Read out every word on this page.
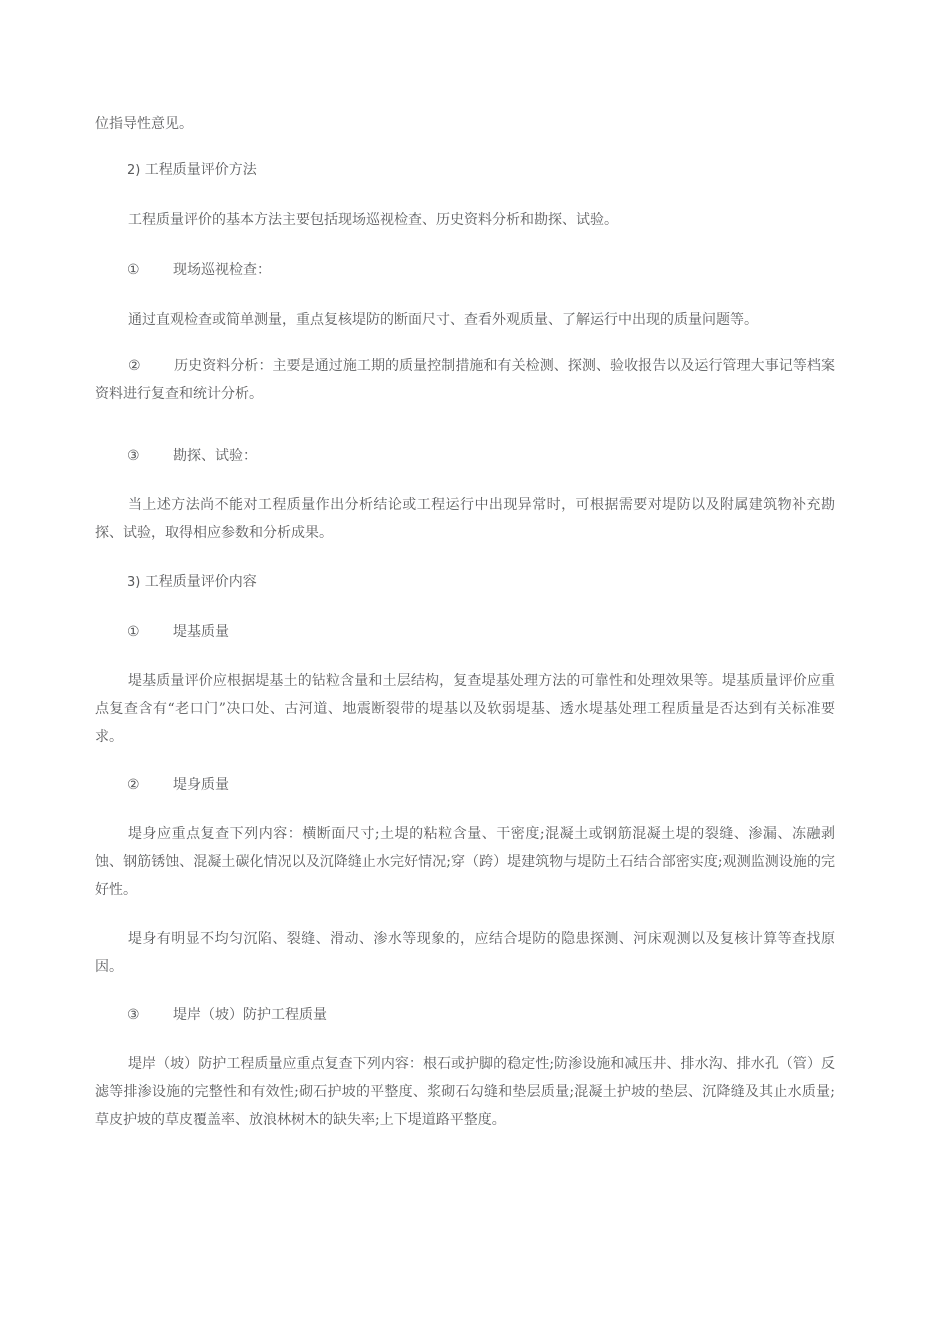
位指导性意见。

2) 工程质量评价方法

工程质量评价的基本方法主要包括现场巡视检查、历史资料分析和勘探、试验。

① 现场巡视检查：

通过直观检查或简单测量，重点复核堤防的断面尺寸、查看外观质量、了解运行中出现的质量问题等。

② 历史资料分析：主要是通过施工期的质量控制措施和有关检测、探测、验收报告以及运行管理大事记等档案资料进行复查和统计分析。

③ 勘探、试验：

当上述方法尚不能对工程质量作出分析结论或工程运行中出现异常时，可根据需要对堤防以及附属建筑物补充勘探、试验，取得相应参数和分析成果。

3) 工程质量评价内容

① 堤基质量

堤基质量评价应根据堤基土的钻粒含量和土层结构，复查堤基处理方法的可靠性和处理效果等。堤基质量评价应重点复查含有“老口门”决口处、古河道、地震断裂带的堤基以及软弱堤基、透水堤基处理工程质量是否达到有关标准要求。

② 堤身质量

堤身应重点复查下列内容：横断面尺寸;土堤的粘粒含量、干密度;混凝土或钢筋混凝土堤的裂缝、渗漏、冻融剥蚀、钢筋锈蚀、混凝土碳化情况以及沉降缝止水完好情况;穿（跨）堤建筑物与堤防土石结合部密实度;观测监测设施的完好性。

堤身有明显不均匀沉陷、裂缝、滑动、渗水等现象的，应结合堤防的隐患探测、河床观测以及复核计算等查找原因。

③ 堤岸（坡）防护工程质量

堤岸（坡）防护工程质量应重点复查下列内容：根石或护脚的稳定性;防渗设施和减压井、排水沟、排水孔（管）反滤等排渗设施的完整性和有效性;砌石护坡的平整度、浆砌石勾缝和垫层质量;混凝土护坡的垫层、沉降缝及其止水质量;草皮护坡的草皮覆盖率、放浪林树木的缺失率;上下堤道路平整度。
